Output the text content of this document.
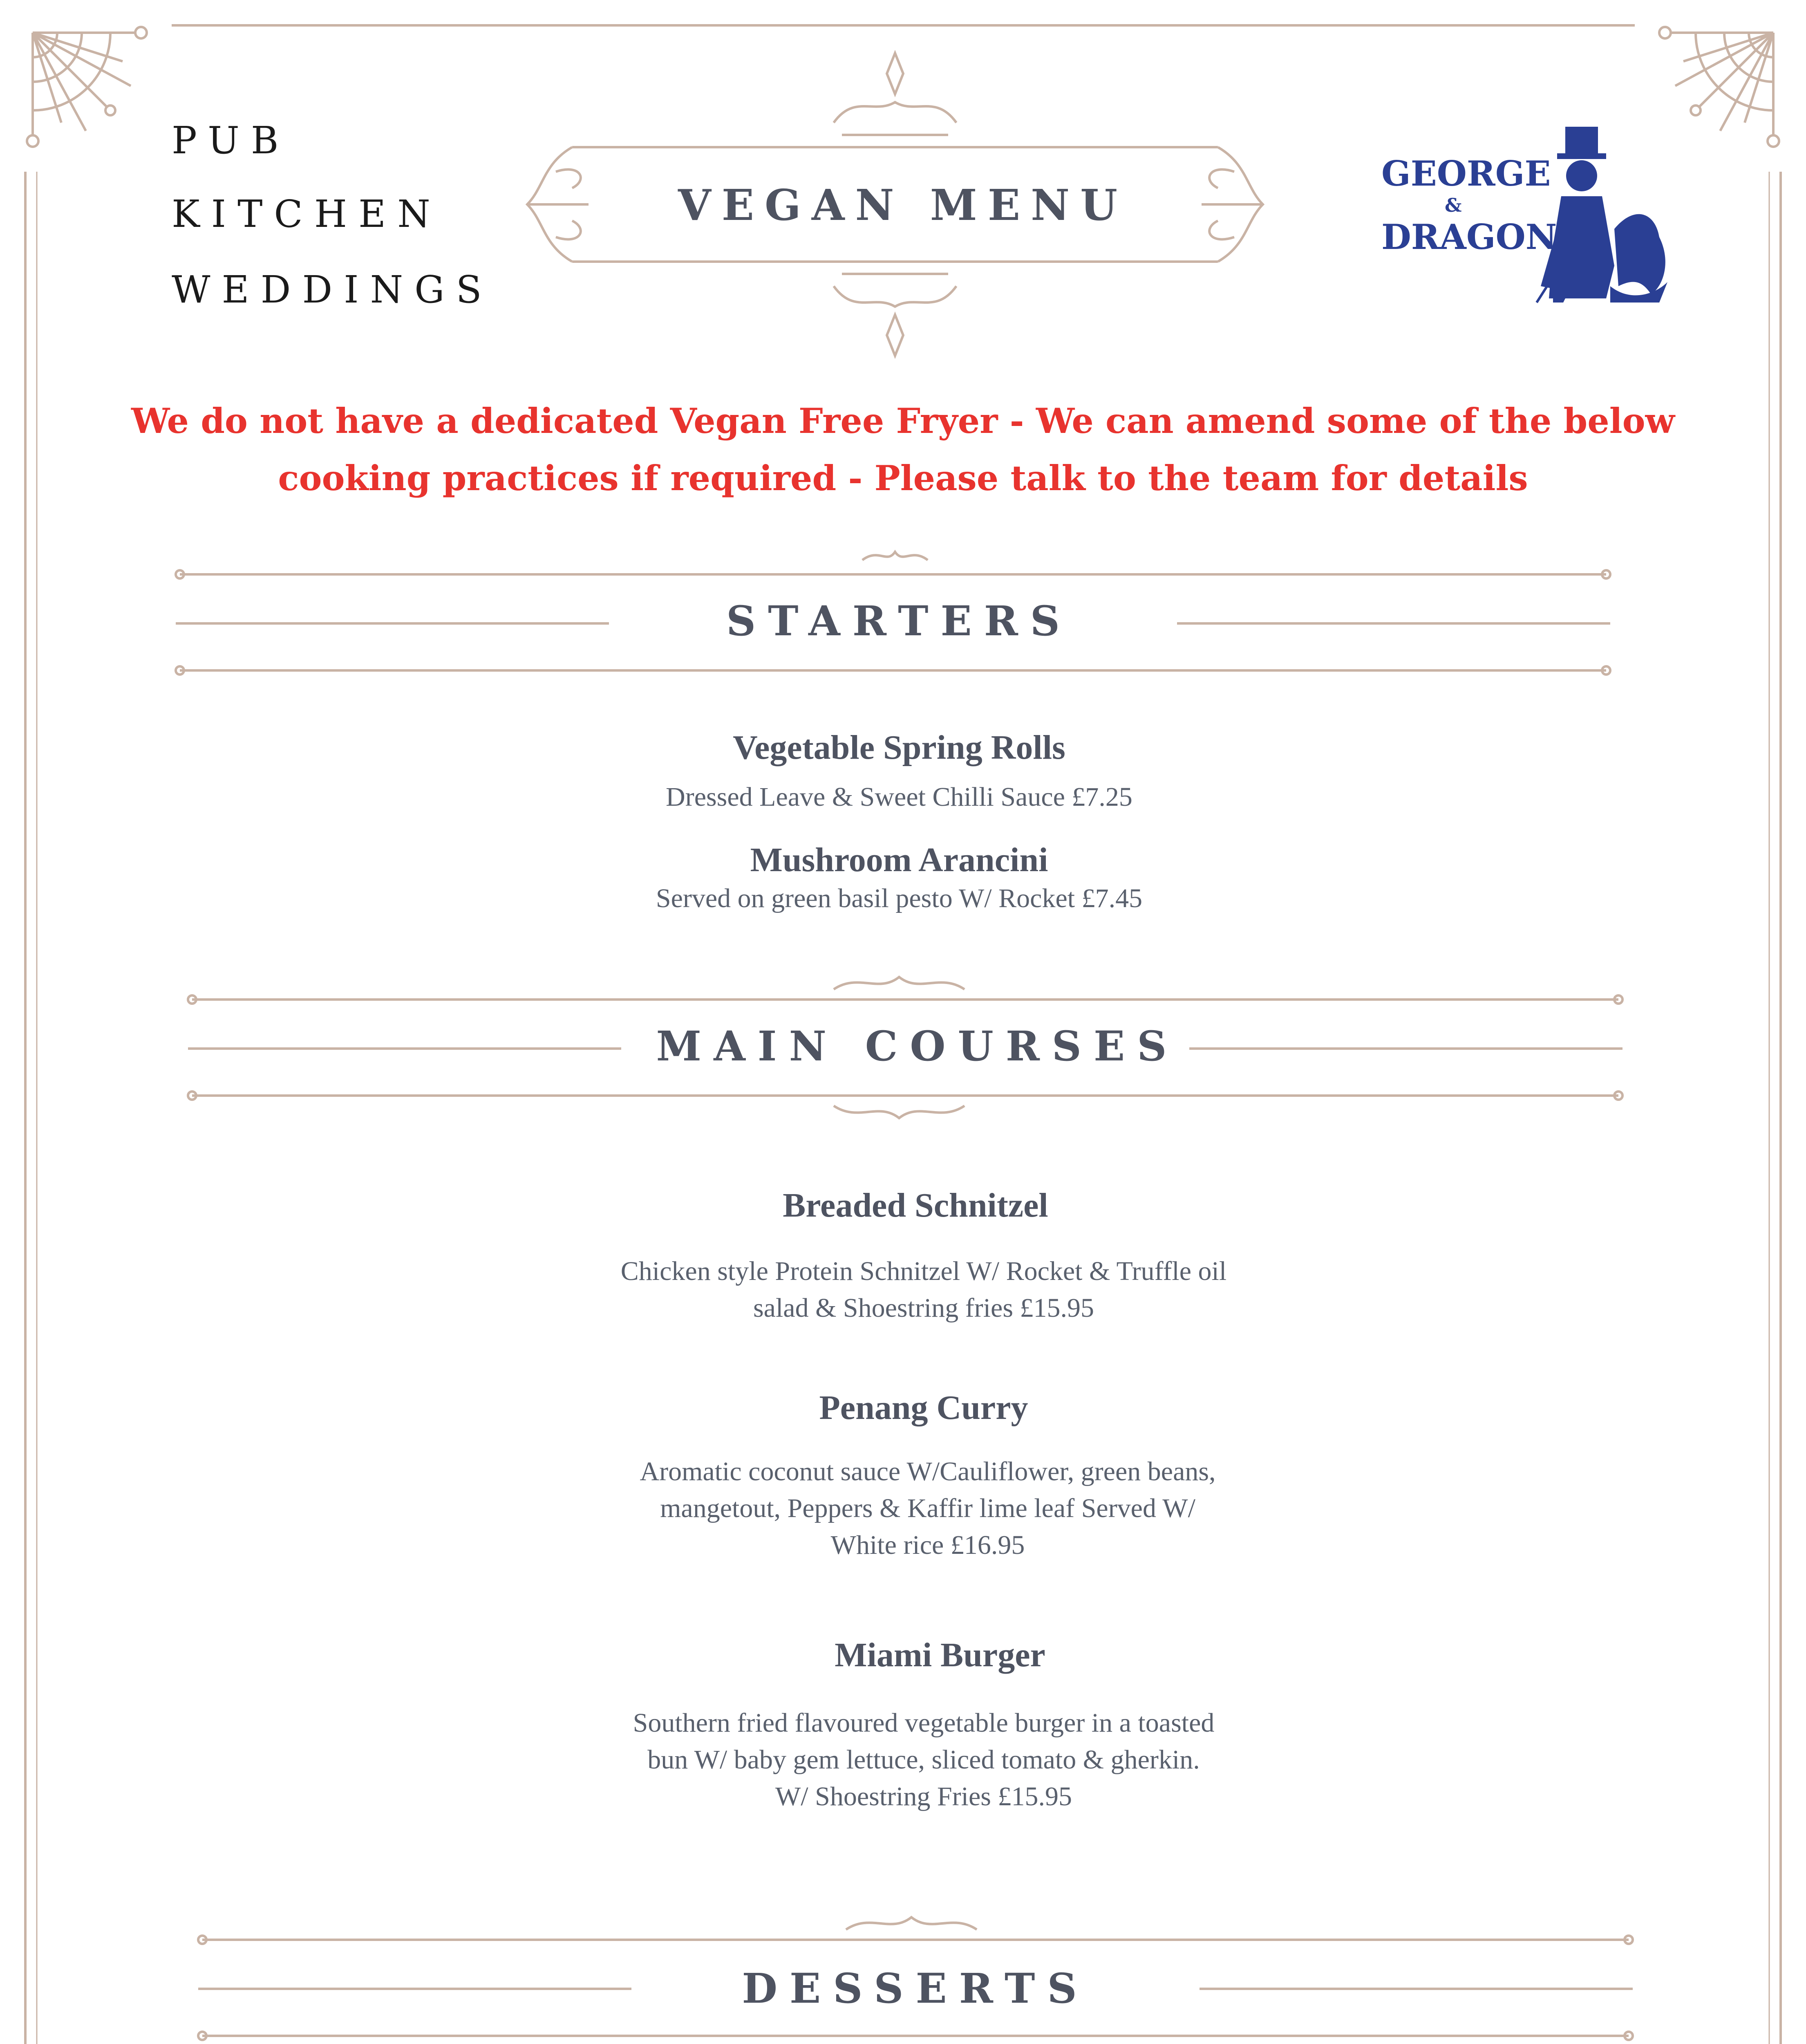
PUB

KITCHEN

WEDDINGS

VEGAN MENU

GEORGE
&
DRAGON

We do not have a dedicated Vegan Free Fryer - We can amend some of the below

cooking practices if required - Please talk to the team for details

STARTERS

Vegetable Spring Rolls

Dressed Leave & Sweet Chilli Sauce £7.25

Mushroom Arancini

Served on green basil pesto W/ Rocket £7.45

MAIN COURSES

Breaded Schnitzel

Chicken style Protein Schnitzel W/ Rocket & Truffle oil

salad & Shoestring fries £15.95

Penang Curry

Aromatic coconut sauce W/Cauliflower, green beans,

mangetout, Peppers & Kaffir lime leaf Served W/

White rice £16.95

Miami Burger

Southern fried flavoured vegetable burger in a toasted

bun W/ baby gem lettuce, sliced tomato & gherkin.

W/ Shoestring Fries £15.95

DESSERTS
